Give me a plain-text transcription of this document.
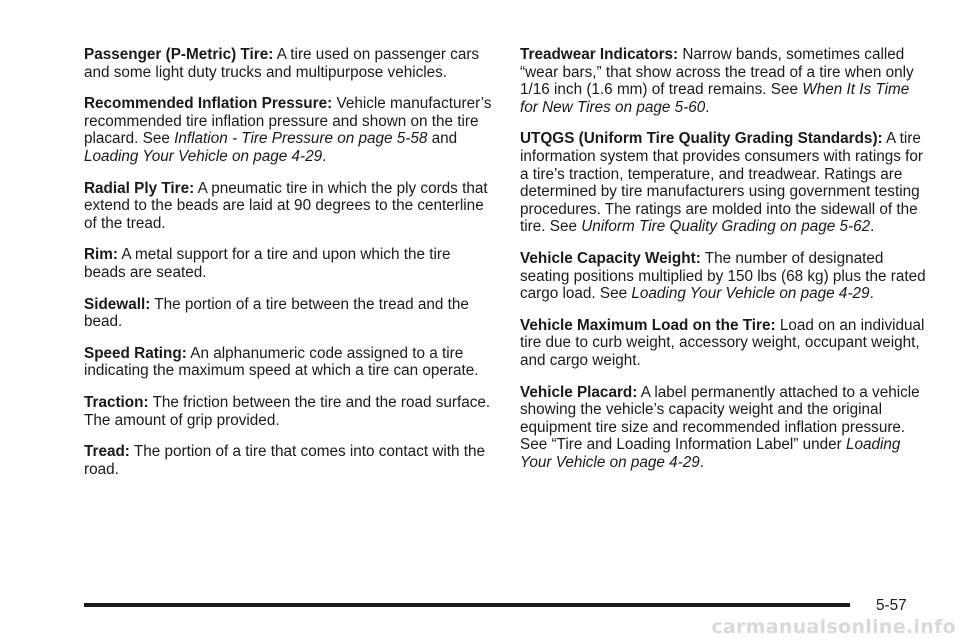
Passenger (P-Metric) Tire: A tire used on passenger cars and some light duty trucks and multipurpose vehicles.

Recommended Inflation Pressure: Vehicle manufacturer’s recommended tire inflation pressure and shown on the tire placard. See Inflation - Tire Pressure on page 5-58 and Loading Your Vehicle on page 4-29.

Radial Ply Tire: A pneumatic tire in which the ply cords that extend to the beads are laid at 90 degrees to the centerline of the tread.

Rim: A metal support for a tire and upon which the tire beads are seated.

Sidewall: The portion of a tire between the tread and the bead.

Speed Rating: An alphanumeric code assigned to a tire indicating the maximum speed at which a tire can operate.

Traction: The friction between the tire and the road surface. The amount of grip provided.

Tread: The portion of a tire that comes into contact with the road.

Treadwear Indicators: Narrow bands, sometimes called “wear bars,” that show across the tread of a tire when only 1/16 inch (1.6 mm) of tread remains. See When It Is Time for New Tires on page 5-60.

UTQGS (Uniform Tire Quality Grading Standards): A tire information system that provides consumers with ratings for a tire’s traction, temperature, and treadwear. Ratings are determined by tire manufacturers using government testing procedures. The ratings are molded into the sidewall of the tire. See Uniform Tire Quality Grading on page 5-62.

Vehicle Capacity Weight: The number of designated seating positions multiplied by 150 lbs (68 kg) plus the rated cargo load. See Loading Your Vehicle on page 4-29.

Vehicle Maximum Load on the Tire: Load on an individual tire due to curb weight, accessory weight, occupant weight, and cargo weight.

Vehicle Placard: A label permanently attached to a vehicle showing the vehicle’s capacity weight and the original equipment tire size and recommended inflation pressure. See “Tire and Loading Information Label” under Loading Your Vehicle on page 4-29.

5-57
carmanualsonline.info
